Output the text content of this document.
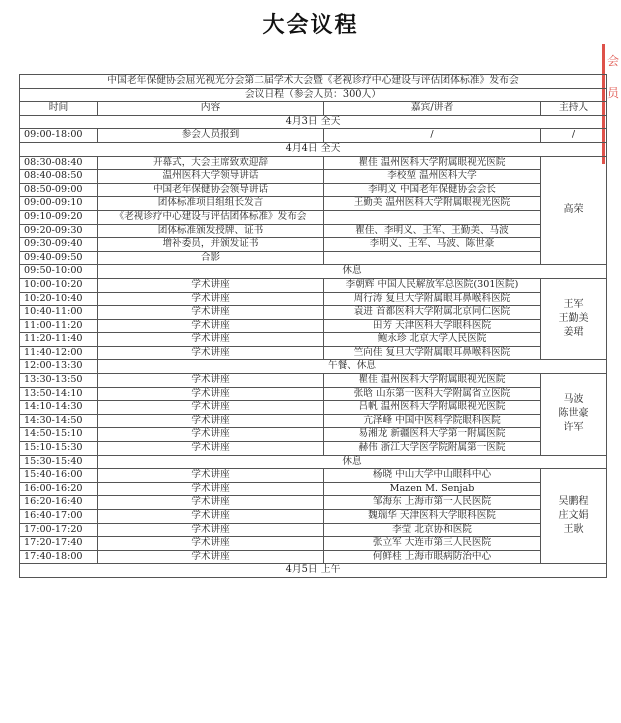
大会议程
会
员
中国老年保健协会屈光视光分会第二届学术大会暨《老视诊疗中心建设与评估团体标准》发布会			
会议日程（参会人员：300人）			
时间	内容	嘉宾/讲者	主持人
4月3日 全天			
09:00-18:00	参会人员报到	/	/
4月4日 全天			
08:30-08:40	开幕式，大会主席致欢迎辞	瞿佳 温州医科大学附属眼视光医院	高荣
08:40-08:50	温州医科大学领导讲话	李校堃 温州医科大学	
08:50-09:00	中国老年保健协会领导讲话	李明义 中国老年保健协会会长	
09:00-09:10	团体标准项目组组长发言	王勤美 温州医科大学附属眼视光医院	
09:10-09:20	《老视诊疗中心建设与评估团体标准》发布会		
09:20-09:30	团体标准颁发授牌、证书	瞿佳、李明义、王军、王勤美、马波	
09:30-09:40	增补委员，并颁发证书	李明义、王军、马波、陈世豪	
09:40-09:50	合影		
09:50-10:00	休息		
10:00-10:20	学术讲座	李朝辉 中国人民解放军总医院(301医院)	王军
王勤美
姜珺
10:20-10:40	学术讲座	周行涛 复旦大学附属眼耳鼻喉科医院	
10:40-11:00	学术讲座	袁进 首都医科大学附属北京同仁医院	
11:00-11:20	学术讲座	田芳 天津医科大学眼科医院	
11:20-11:40	学术讲座	鲍永珍 北京大学人民医院	
11:40-12:00	学术讲座	竺向佳 复旦大学附属眼耳鼻喉科医院	
12:00-13:30	午餐、休息		
13:30-13:50	学术讲座	瞿佳 温州医科大学附属眼视光医院	马波
陈世豪
许军
13:50-14:10	学术讲座	张晗 山东第一医科大学附属省立医院	
14:10-14:30	学术讲座	吕帆 温州医科大学附属眼视光医院	
14:30-14:50	学术讲座	亢泽峰 中国中医科学院眼科医院	
14:50-15:10	学术讲座	易湘龙 新疆医科大学第一附属医院	
15:10-15:30	学术讲座	赫伟 浙江大学医学院附属第一医院	
15:30-15:40	休息		
15:40-16:00	学术讲座	杨晓 中山大学中山眼科中心	吴鹏程
庄文娟
王耿
16:00-16:20	学术讲座	Mazen M. Senjab	
16:20-16:40	学术讲座	邹海东 上海市第一人民医院	
16:40-17:00	学术讲座	魏瑞华 天津医科大学眼科医院	
17:00-17:20	学术讲座	李莹 北京协和医院	
17:20-17:40	学术讲座	张立军 大连市第三人民医院	
17:40-18:00	学术讲座	何鲜桂 上海市眼病防治中心	
4月5日 上午			
